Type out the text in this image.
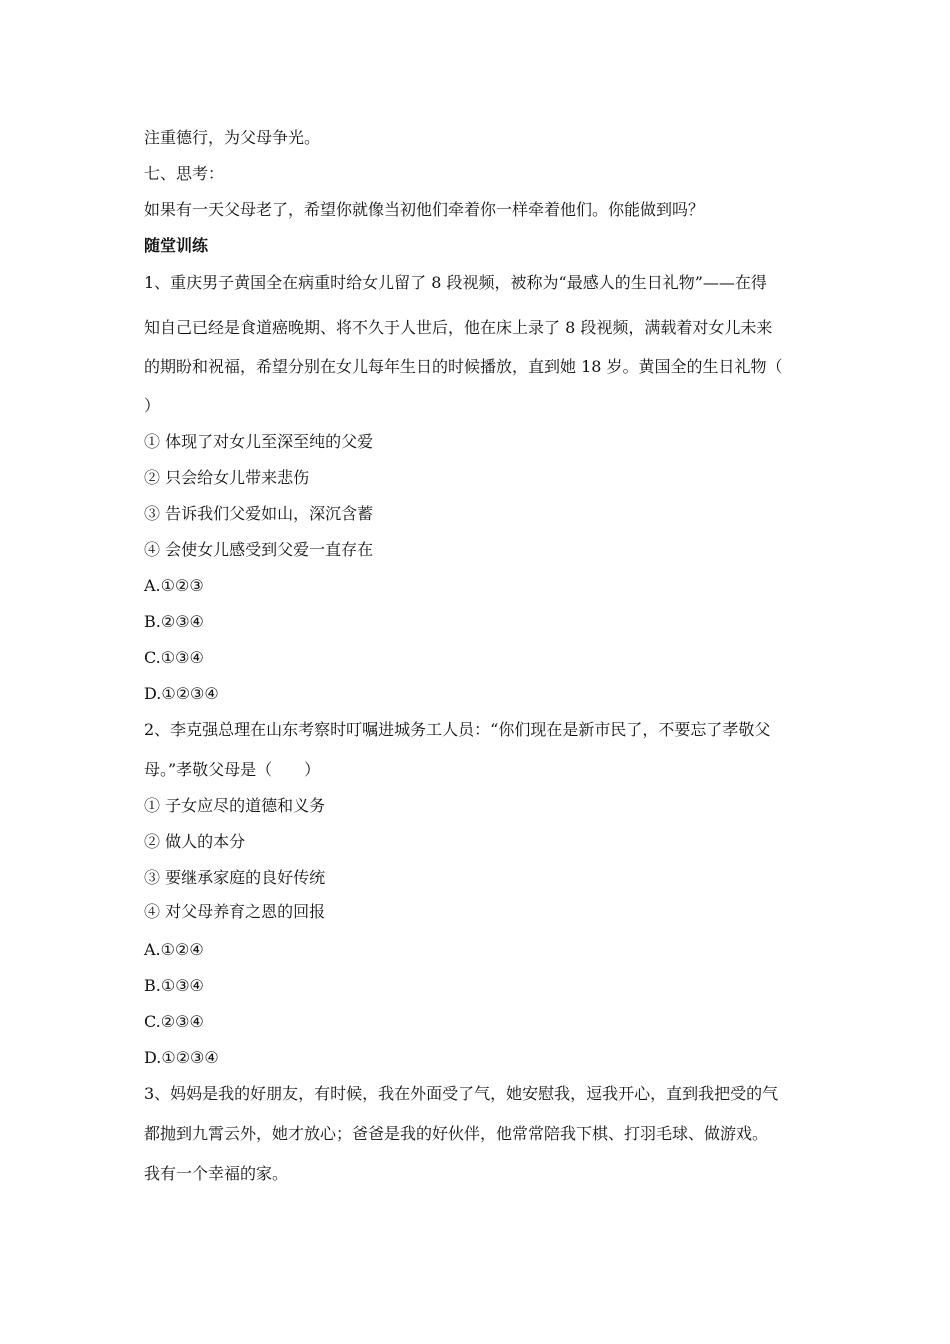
注重德行，为父母争光。
七、思考：
如果有一天父母老了，希望你就像当初他们牵着你一样牵着他们。你能做到吗？
随堂训练
1、重庆男子黄国全在病重时给女儿留了 8 段视频，被称为“最感人的生日礼物”——在得
知自己已经是食道癌晚期、将不久于人世后，他在床上录了 8 段视频，满载着对女儿未来
的期盼和祝福，希望分别在女儿每年生日的时候播放，直到她 18 岁。黄国全的生日礼物（
）
① 体现了对女儿至深至纯的父爱
② 只会给女儿带来悲伤
③ 告诉我们父爱如山，深沉含蓄
④ 会使女儿感受到父爱一直存在
A.①②③
B.②③④
C.①③④
D.①②③④
2、李克强总理在山东考察时叮嘱进城务工人员：“你们现在是新市民了，不要忘了孝敬父
母。”孝敬父母是（　　）
① 子女应尽的道德和义务
② 做人的本分
③ 要继承家庭的良好传统
④ 对父母养育之恩的回报
A.①②④
B.①③④
C.②③④
D.①②③④
3、妈妈是我的好朋友，有时候，我在外面受了气，她安慰我，逗我开心，直到我把受的气
都抛到九霄云外，她才放心；爸爸是我的好伙伴，他常常陪我下棋、打羽毛球、做游戏。
我有一个幸福的家。
